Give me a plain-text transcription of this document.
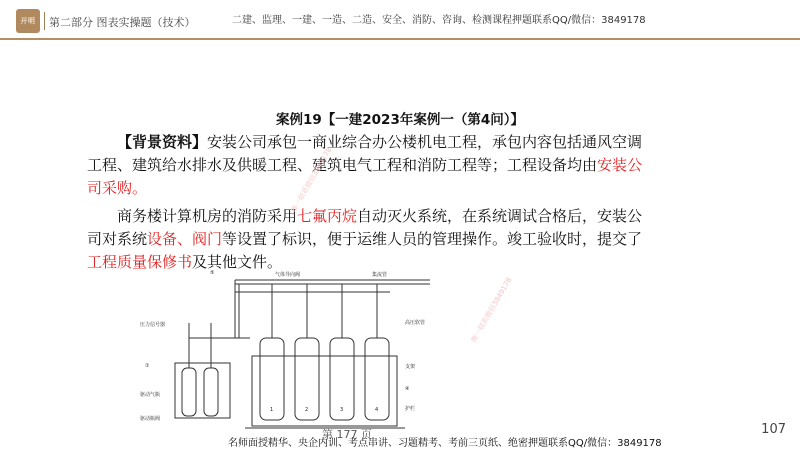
开明	第二部分 图表实操题（技术）	二建、监理、一建、一造、二造、安全、消防、咨询、检测课程押题联系QQ/微信：3849178
案例19【一建2023年案例一（第4问）】
【背景资料】安装公司承包一商业综合办公楼机电工程，承包内容包括通风空调工程、建筑给水排水及供暖工程、建筑电气工程和消防工程等；工程设备均由安装公司采购。
商务楼计算机房的消防采用七氟丙烷自动灭火系统，在系统调试合格后，安装公司对系统设备、阀门等设置了标识，便于运维人员的管理操作。竣工验收时，提交了工程质量保修书及其他文件。
唯一联系微信3849178
唯一联系微信3849178
⑤	气体导向阀	集流管
压力信号器
①
高压软管
驱动气瓶
支架
驱动瓶阀
④
护栏
1	2	3	4
第 177 页
名师面授精华、央企内训、考点串讲、习题精考、考前三页纸、绝密押题联系QQ/微信：3849178
107
